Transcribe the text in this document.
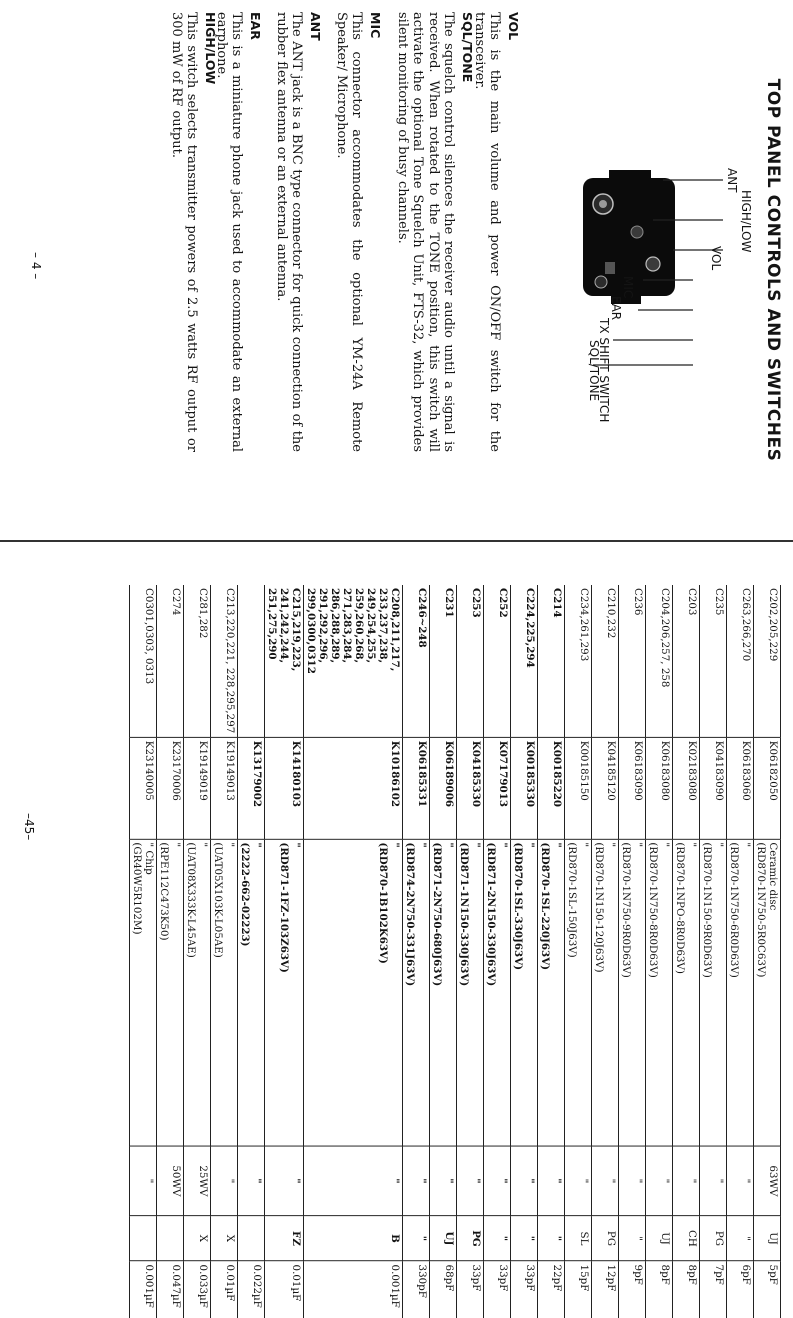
TOP PANEL CONTROLS AND SWITCHES
ANT
HIGH/LOW
VOL
MIC
EAR
TX SHIFT SWITCH
SQL/TONE
VOL

This is the main volume and power ON/OFF switch for the transceiver.

SQL/TONE

The squelch control silences the receiver audio until a signal is received. When rotated to the TONE position, this switch will activate the optional Tone Squelch Unit, FTS-32, which provides silent monitoring of busy channels.

MIC

This connector accommodates the optional YM-24A Remote Speaker/ Microphone.

ANT

The ANT jack is a BNC type connector for quick connection of the rubber flex antenna or an external antenna.

EAR

This is a miniature phone jack used to accommodate an external earphone.

HIGH/LOW

This switch selects transmitter powers of 2.5 watts RF output or 300 mW of RF output.

– 4 –
C202,205,229	K06182050	Ceramic disc
(RD870-1N750-5R0C63V)	63WV	UJ	5pF
C263,266,270	K06183060	"
(RD870-1N750-6R0D63V)	"	"	6pF
C235	K04183090	"
(RD870-1N150-9R0D63V)	"	PG	7pF
C203	K02183080	"
(RD870-1NPO-8R0D63V)	"	CH	8pF
C204,206,257, 258	K06183080	"
(RD870-1N750-8R0D63V)	"	UJ	8pF
C236	K06183090	"
(RD870-1N750-9R0D63V)	"	"	9pF
C210,232	K04185120	"
(RD870-1N150-120J63V)	"	PG	12pF
C234,261,293	K00185150	"
(RD870-1SL-150J63V)	"	SL	15pF
C214	K00185220	"
(RD870-1SL-220J63V)	"	"	22pF
C224,225,294	K00185330	"
(RD870-1SL-330J63V)	"	"	33pF
C252	K07179013	"
(RD871-2N150-330J63V)	"	"	33pF
C253	K04185330	"
(RD871-1N150-330J63V)	"	PG	33pF
C231	K06189006	"
(RD871-2N750-680J63V)	"	UJ	68pF
C246~248	K06185331	"
(RD874-2N750-331J63V)	"	"	330pF
C208,211,217, 233,237,238, 249,254,255, 259,260,268, 271,283,284, 286,288,289, 291,292,296, 299,0300,0312	K10186102	"
(RD870-1B102K63V)	"	B	0.001µF
C215,219,223, 241,242,244, 251,275,290	K14180103	"
(RD871-1FZ-103Z63V)	"	FZ	0.01µF
	K13179002	"
(2222-662-02223)	"		0.022µF
C213,220,221, 228,295,297	K19149013	"
(UAT05X103K-L05AE)	"	X	0.01µF
C281,282	K19149019	"
(UAT08X333K-L45AE)	25WV	X	0.033µF
C274	K23170006	"
(RPE112C473K50)	50WV		0.047µF
C0301,0303, 0313	K23140005	" Chip
(GR40W5R102M)	"		0.001µF
–45–
